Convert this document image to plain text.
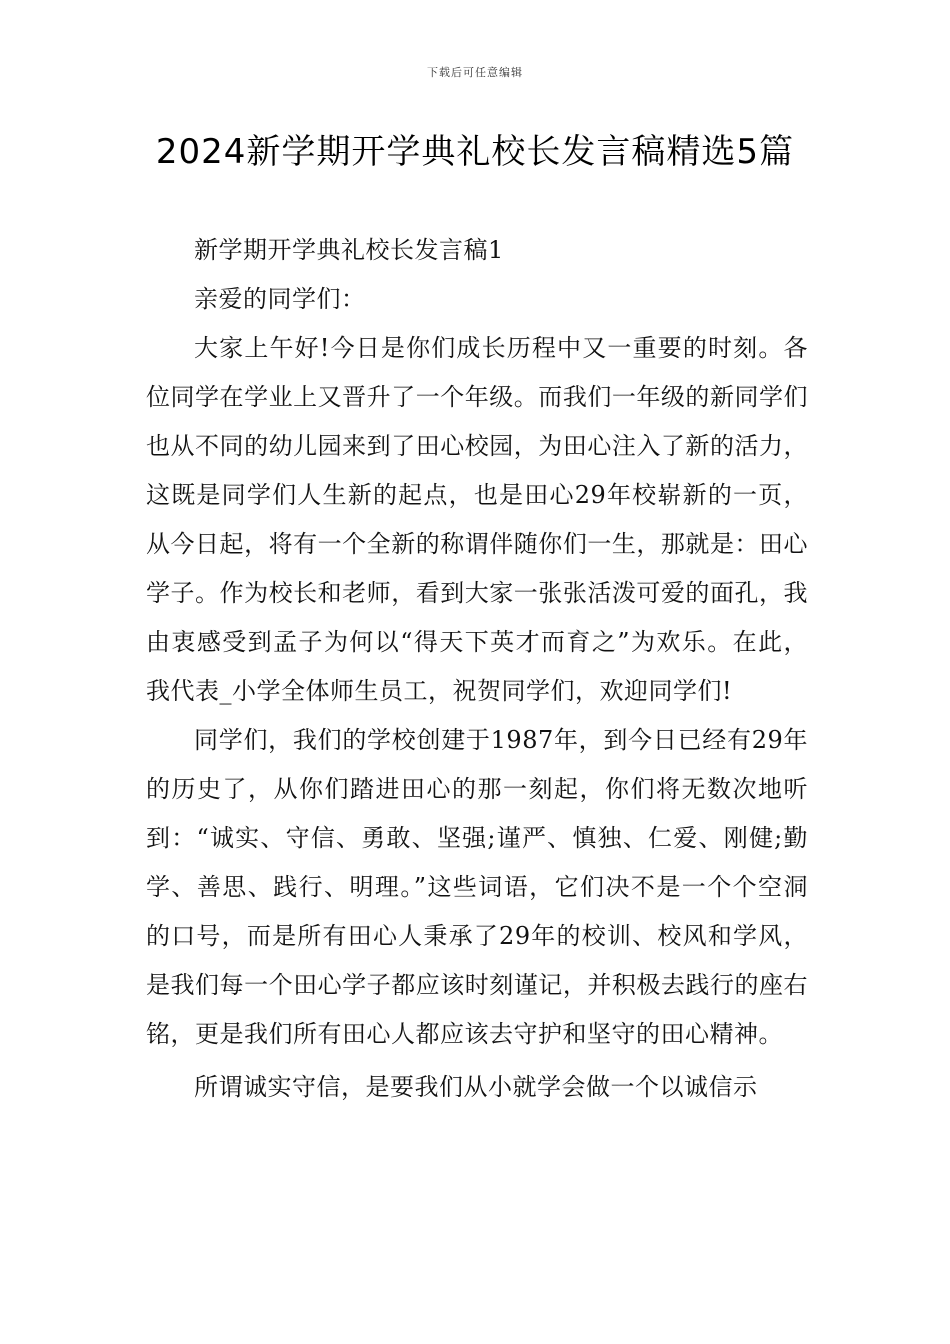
下载后可任意编辑
2024新学期开学典礼校长发言稿精选5篇

新学期开学典礼校长发言稿1

亲爱的同学们：

大家上午好!今日是你们成长历程中又一重要的时刻。各位同学在学业上又晋升了一个年级。而我们一年级的新同学们也从不同的幼儿园来到了田心校园，为田心注入了新的活力，这既是同学们人生新的起点，也是田心29年校崭新的一页，从今日起，将有一个全新的称谓伴随你们一生，那就是：田心学子。作为校长和老师，看到大家一张张活泼可爱的面孔，我由衷感受到孟子为何以“得天下英才而育之”为欢乐。在此，我代表_小学全体师生员工，祝贺同学们，欢迎同学们!

同学们，我们的学校创建于1987年，到今日已经有29年的历史了，从你们踏进田心的那一刻起，你们将无数次地听到：“诚实、守信、勇敢、坚强;谨严、慎独、仁爱、刚健;勤学、善思、践行、明理。”这些词语，它们决不是一个个空洞的口号，而是所有田心人秉承了29年的校训、校风和学风，是我们每一个田心学子都应该时刻谨记，并积极去践行的座右铭，更是我们所有田心人都应该去守护和坚守的田心精神。

所谓诚实守信，是要我们从小就学会做一个以诚信示
